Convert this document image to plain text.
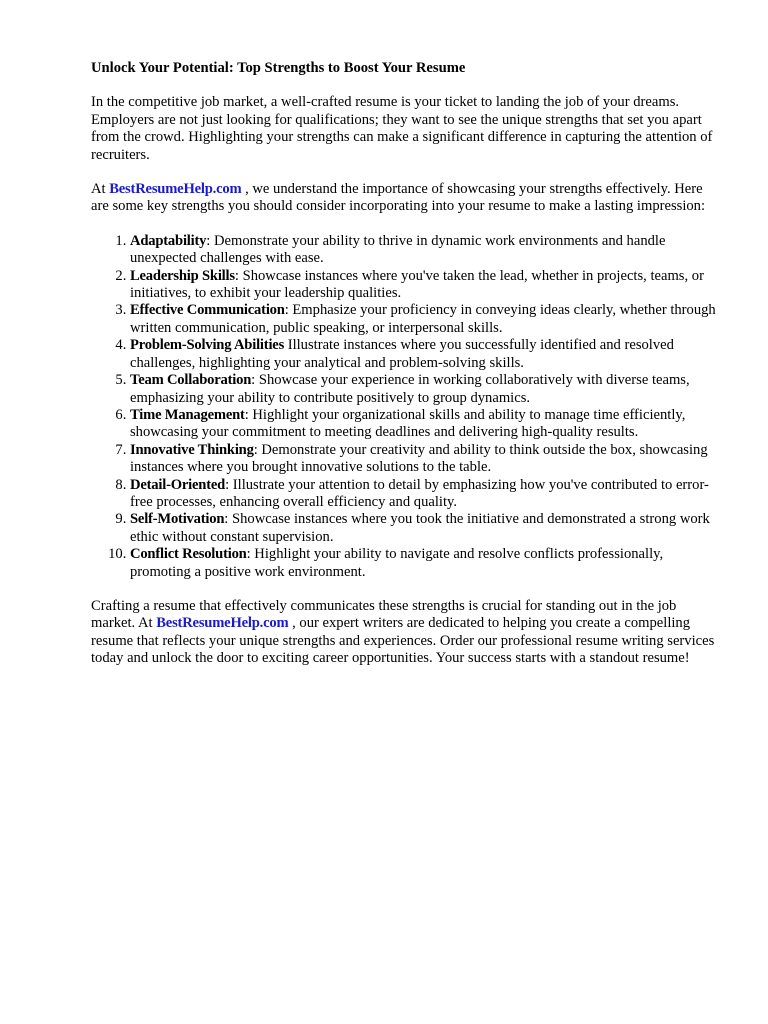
Unlock Your Potential: Top Strengths to Boost Your Resume

In the competitive job market, a well-crafted resume is your ticket to landing the job of your dreams. Employers are not just looking for qualifications; they want to see the unique strengths that set you apart from the crowd. Highlighting your strengths can make a significant difference in capturing the attention of recruiters.

At BestResumeHelp.com , we understand the importance of showcasing your strengths effectively. Here are some key strengths you should consider incorporating into your resume to make a lasting impression:

1. Adaptability: Demonstrate your ability to thrive in dynamic work environments and handle unexpected challenges with ease.
2. Leadership Skills: Showcase instances where you've taken the lead, whether in projects, teams, or initiatives, to exhibit your leadership qualities.
3. Effective Communication: Emphasize your proficiency in conveying ideas clearly, whether through written communication, public speaking, or interpersonal skills.
4. Problem-Solving Abilities Illustrate instances where you successfully identified and resolved challenges, highlighting your analytical and problem-solving skills.
5. Team Collaboration: Showcase your experience in working collaboratively with diverse teams, emphasizing your ability to contribute positively to group dynamics.
6. Time Management: Highlight your organizational skills and ability to manage time efficiently, showcasing your commitment to meeting deadlines and delivering high-quality results.
7. Innovative Thinking: Demonstrate your creativity and ability to think outside the box, showcasing instances where you brought innovative solutions to the table.
8. Detail-Oriented: Illustrate your attention to detail by emphasizing how you've contributed to error-free processes, enhancing overall efficiency and quality.
9. Self-Motivation: Showcase instances where you took the initiative and demonstrated a strong work ethic without constant supervision.
10. Conflict Resolution: Highlight your ability to navigate and resolve conflicts professionally, promoting a positive work environment.

Crafting a resume that effectively communicates these strengths is crucial for standing out in the job market. At BestResumeHelp.com , our expert writers are dedicated to helping you create a compelling resume that reflects your unique strengths and experiences. Order our professional resume writing services today and unlock the door to exciting career opportunities. Your success starts with a standout resume!
